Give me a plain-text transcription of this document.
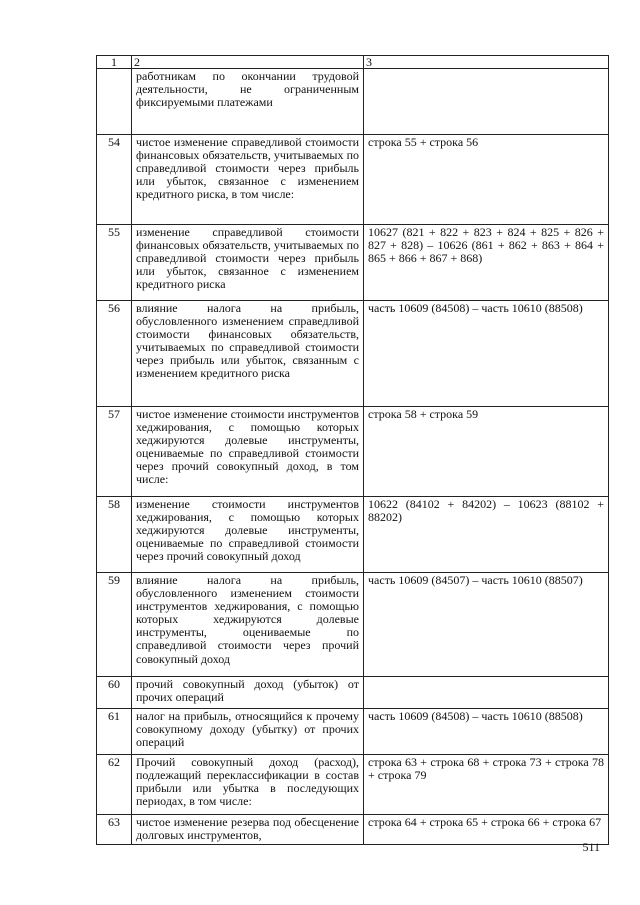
1	2	3
	работникам по окончании трудовой деятельности, не ограниченным фиксируемыми платежами	
54	чистое изменение справедливой стоимости финансовых обязательств, учитываемых по справедливой стоимости через прибыль или убыток, связанное с изменением кредитного риска, в том числе:	строка 55 + строка 56
55	изменение справедливой стоимости финансовых обязательств, учитываемых по справедливой стоимости через прибыль или убыток, связанное с изменением кредитного риска	10627 (821 + 822 + 823 + 824 + 825 + 826 + 827 + 828) – 10626 (861 + 862 + 863 + 864 + 865 + 866 + 867 + 868)
56	влияние налога на прибыль, обусловленного изменением справедливой стоимости финансовых обязательств, учитываемых по справедливой стоимости через прибыль или убыток, связанным с изменением кредитного риска	часть 10609 (84508) – часть 10610 (88508)
57	чистое изменение стоимости инструментов хеджирования, с помощью которых хеджируются долевые инструменты, оцениваемые по справедливой стоимости через прочий совокупный доход, в том числе:	строка 58 + строка 59
58	изменение стоимости инструментов хеджирования, с помощью которых хеджируются долевые инструменты, оцениваемые по справедливой стоимости через прочий совокупный доход	10622 (84102 + 84202) – 10623 (88102 + 88202)
59	влияние налога на прибыль, обусловленного изменением стоимости инструментов хеджирования, с помощью которых хеджируются долевые инструменты, оцениваемые по справедливой стоимости через прочий совокупный доход	часть 10609 (84507) – часть 10610 (88507)
60	прочий совокупный доход (убыток) от прочих операций	
61	налог на прибыль, относящийся к прочему совокупному доходу (убытку) от прочих операций	часть 10609 (84508) – часть 10610 (88508)
62	Прочий совокупный доход (расход), подлежащий переклассификации в состав прибыли или убытка в последующих периодах, в том числе:	строка 63 + строка 68 + строка 73 + строка 78 + строка 79
63	чистое изменение резерва под обесценение долговых инструментов,	строка 64 + строка 65 + строка 66 + строка 67
511
